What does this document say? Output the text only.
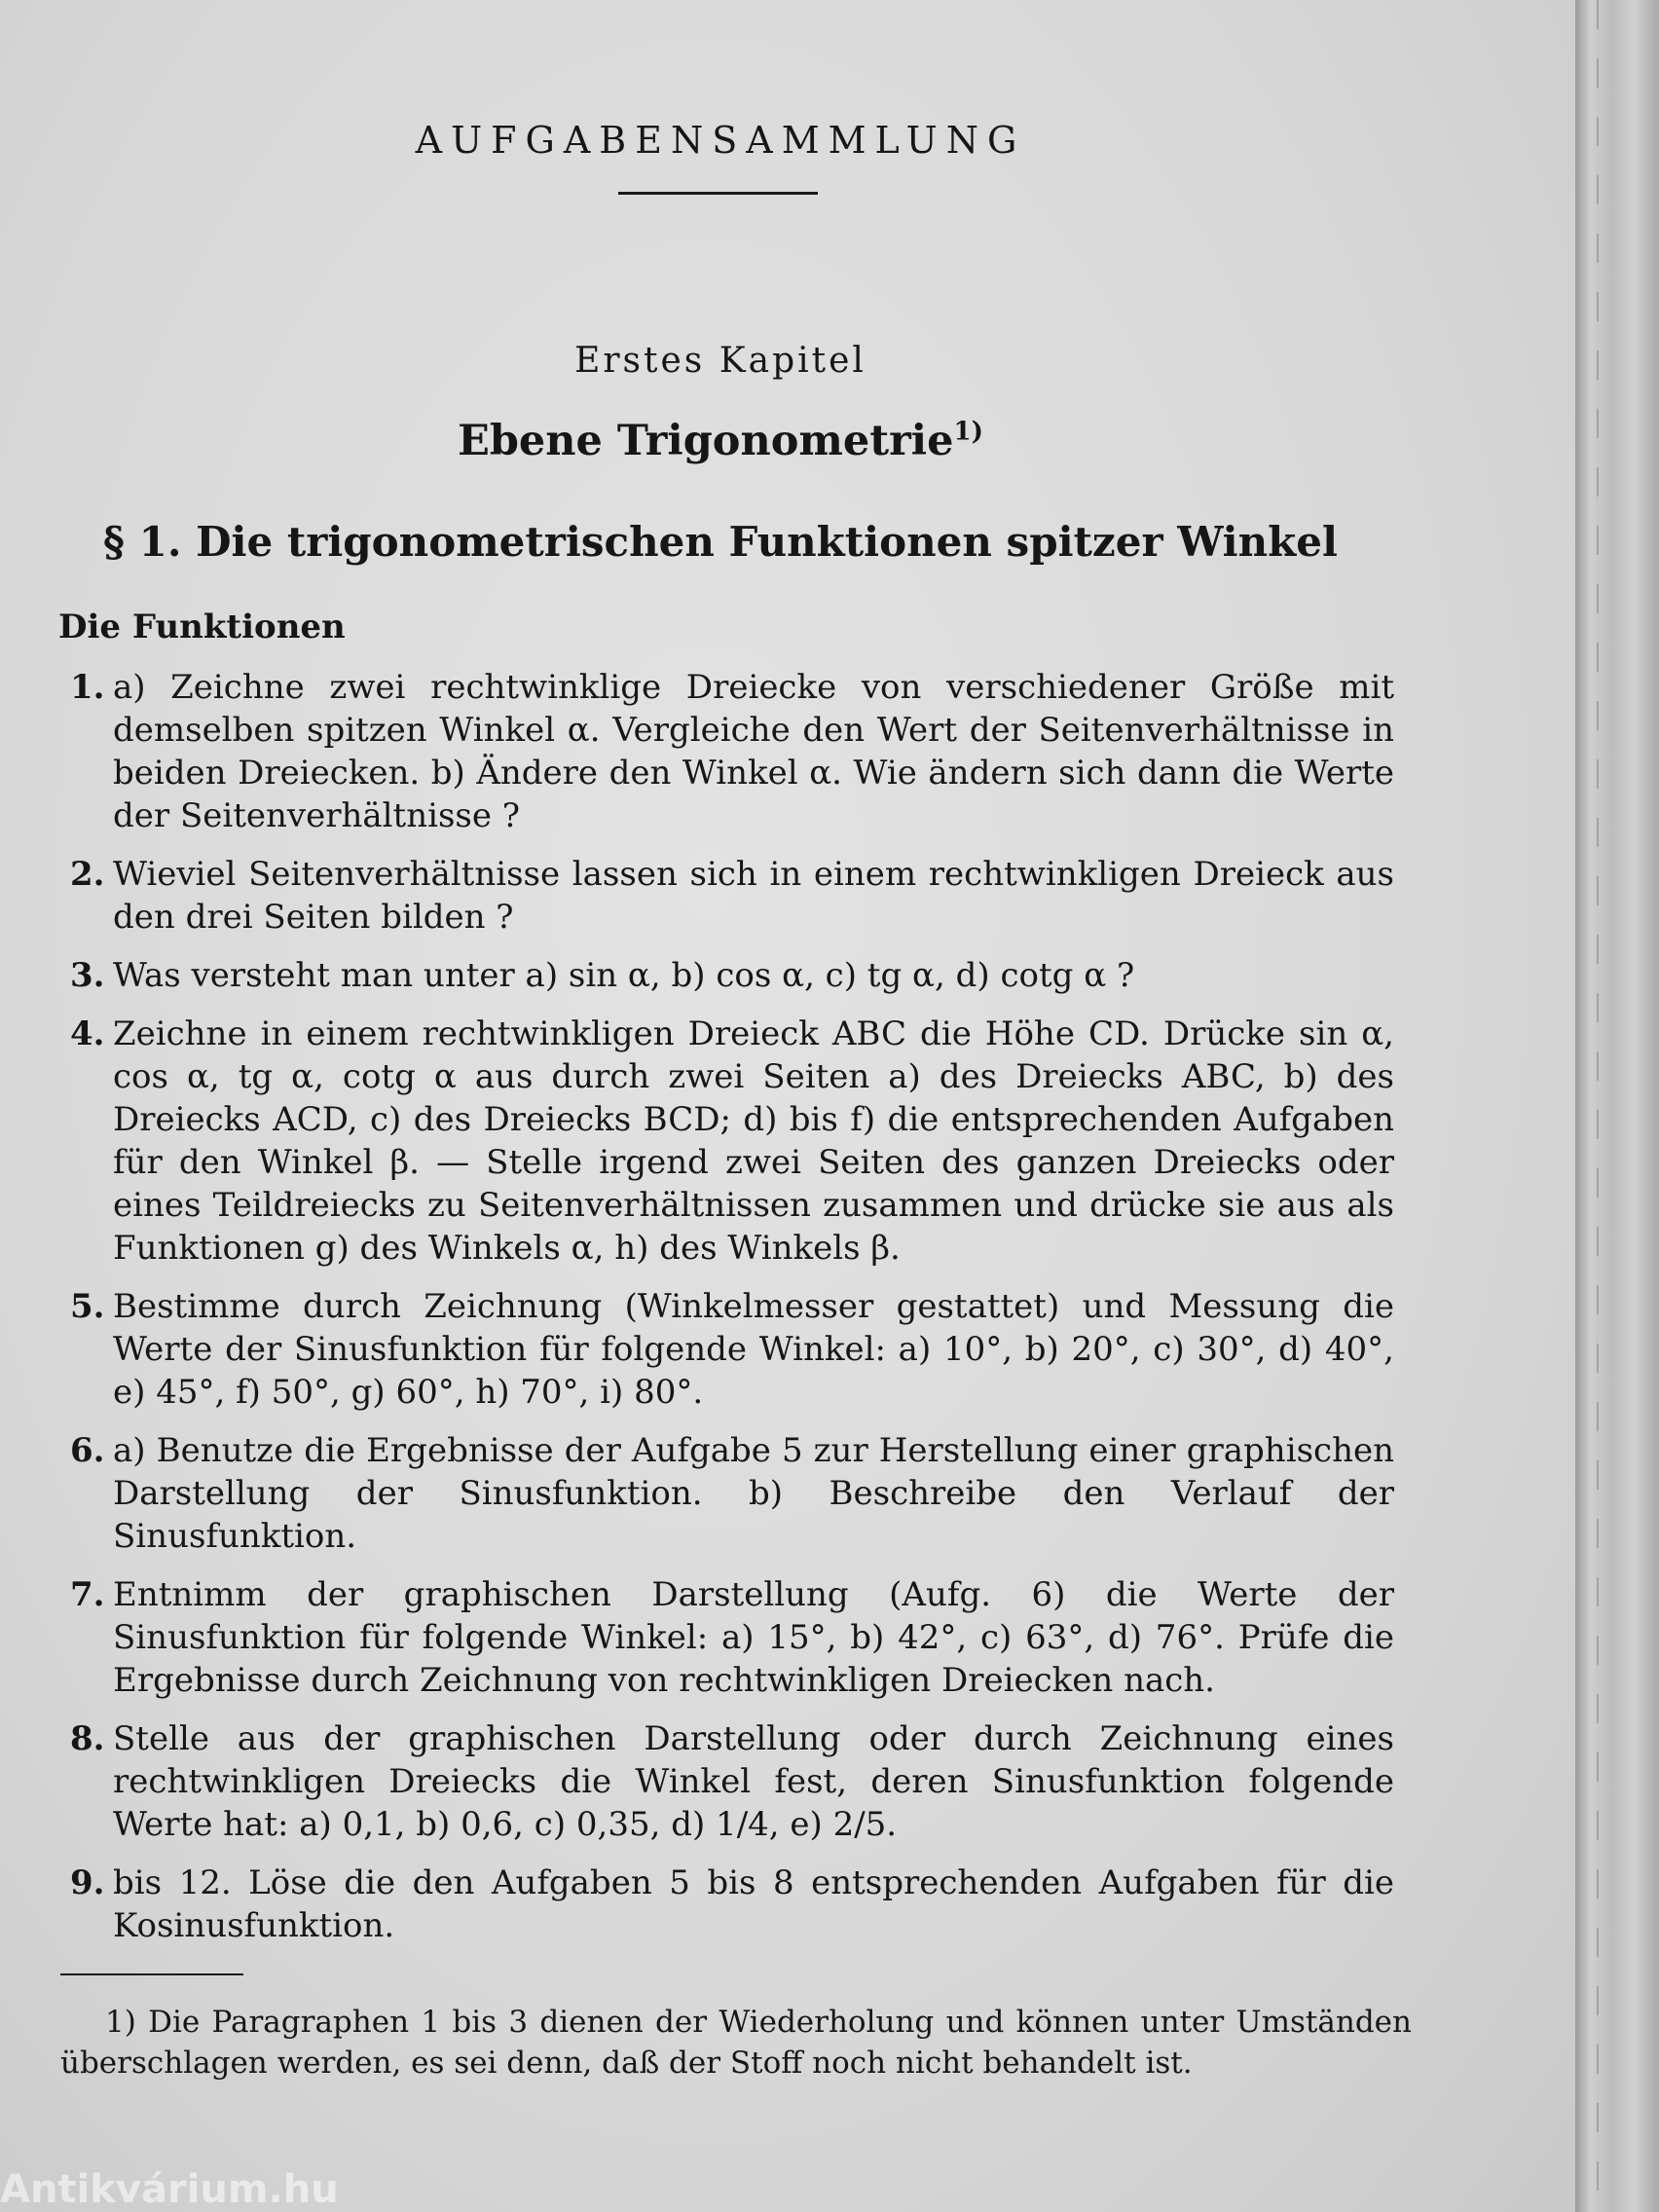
AUFGABENSAMMLUNG
Erstes Kapitel
Ebene Trigonometrie$^{1)}$
§ 1. Die trigonometrischen Funktionen spitzer Winkel
Die Funktionen
1. a) Zeichne zwei rechtwinklige Dreiecke von verschiedener Größe mit demselben spitzen Winkel α. Vergleiche den Wert der Seitenverhältnisse in beiden Dreiecken. b) Ändere den Winkel α. Wie ändern sich dann die Werte der Seitenverhältnisse ?
2. Wieviel Seitenverhältnisse lassen sich in einem rechtwinkligen Dreieck aus den drei Seiten bilden ?
3. Was versteht man unter a) sin α, b) cos α, c) tg α, d) cotg α ?
4. Zeichne in einem rechtwinkligen Dreieck ABC die Höhe CD. Drücke sin α, cos α, tg α, cotg α aus durch zwei Seiten a) des Dreiecks ABC, b) des Dreiecks ACD, c) des Dreiecks BCD; d) bis f) die entsprechenden Aufgaben für den Winkel β. — Stelle irgend zwei Seiten des ganzen Dreiecks oder eines Teildreiecks zu Seitenverhältnissen zusammen und drücke sie aus als Funktionen g) des Winkels α, h) des Winkels β.
5. Bestimme durch Zeichnung (Winkelmesser gestattet) und Messung die Werte der Sinusfunktion für folgende Winkel: a) 10°, b) 20°, c) 30°, d) 40°, e) 45°, f) 50°, g) 60°, h) 70°, i) 80°.
6. a) Benutze die Ergebnisse der Aufgabe 5 zur Herstellung einer graphischen Darstellung der Sinusfunktion. b) Beschreibe den Verlauf der Sinusfunktion.
7. Entnimm der graphischen Darstellung (Aufg. 6) die Werte der Sinusfunktion für folgende Winkel: a) 15°, b) 42°, c) 63°, d) 76°. Prüfe die Ergebnisse durch Zeichnung von rechtwinkligen Dreiecken nach.
8. Stelle aus der graphischen Darstellung oder durch Zeichnung eines rechtwinkligen Dreiecks die Winkel fest, deren Sinusfunktion folgende Werte hat: a) 0,1, b) 0,6, c) 0,35, d) 1/4, e) 2/5.
9. bis 12. Löse die den Aufgaben 5 bis 8 entsprechenden Aufgaben für die Kosinusfunktion.
1) Die Paragraphen 1 bis 3 dienen der Wiederholung und können unter Umständen überschlagen werden, es sei denn, daß der Stoff noch nicht behandelt ist.
Antikvárium.hu
